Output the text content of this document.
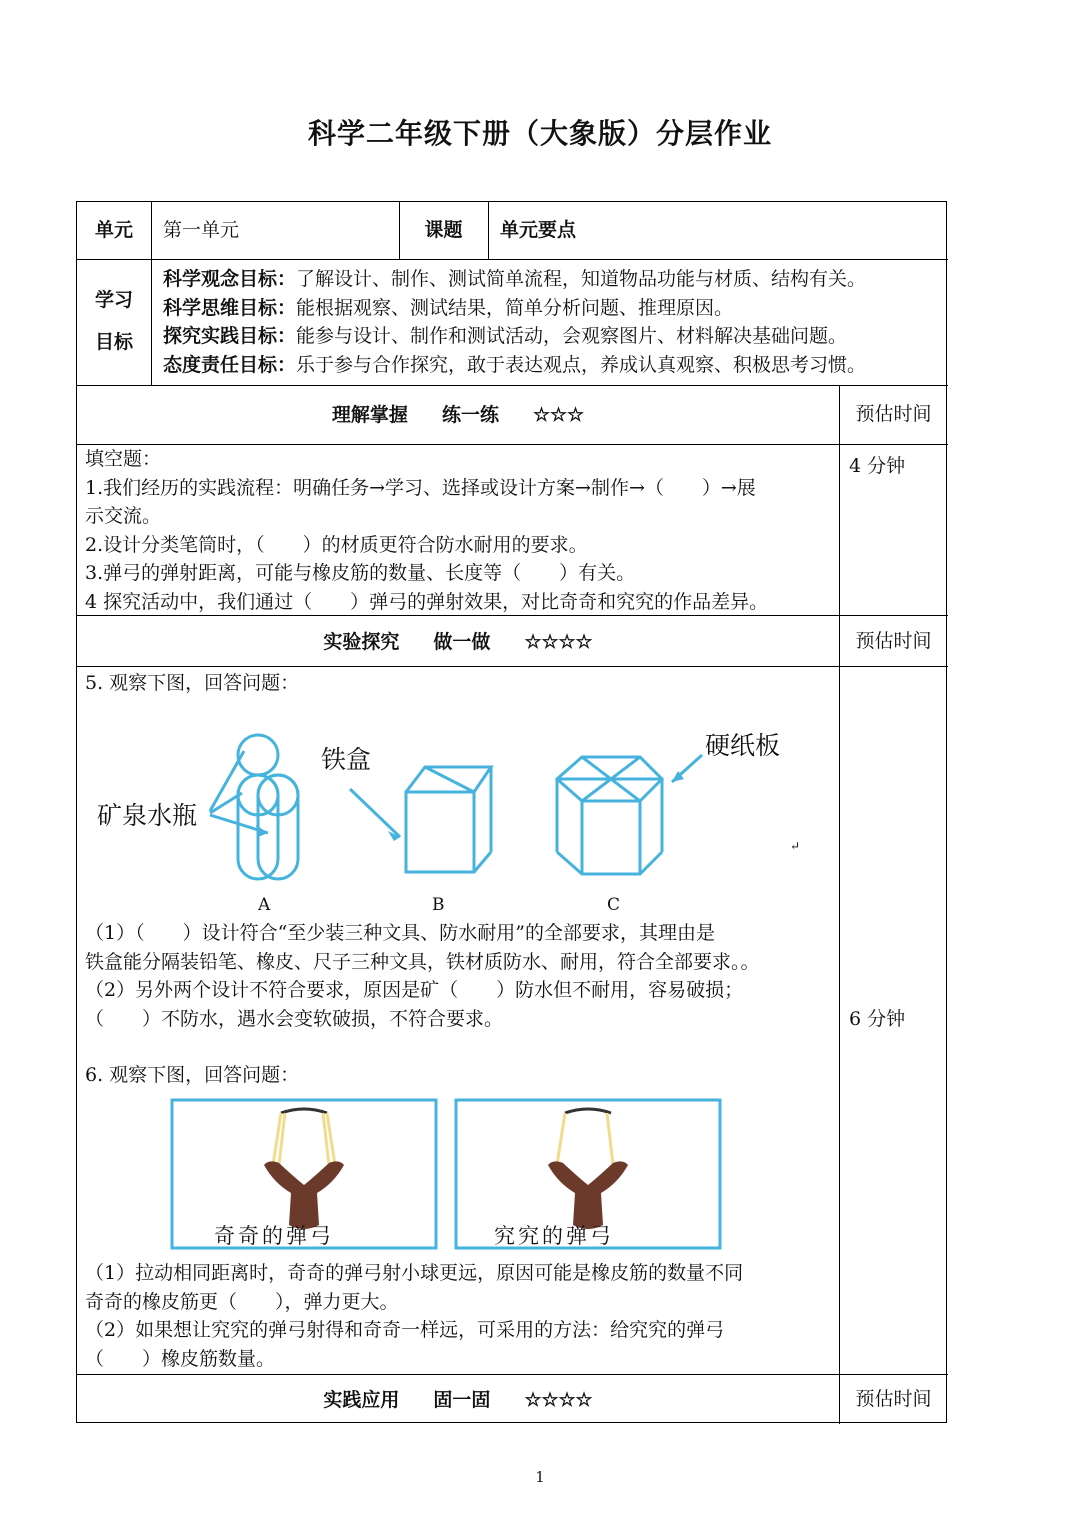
科学二年级下册（大象版）分层作业
单元	第一单元	课题	单元要点
学习
目标
科学观念目标：了解设计、制作、测试简单流程，知道物品功能与材质、结构有关。
科学思维目标：能根据观察、测试结果，简单分析问题、推理原因。
探究实践目标：能参与设计、制作和测试活动，会观察图片、材料解决基础问题。
态度责任目标：乐于参与合作探究，敢于表达观点，养成认真观察、积极思考习惯。
理解掌握 练一练 ☆☆☆	预估时间
填空题：
1.我们经历的实践流程：明确任务→学习、选择或设计方案→制作→（　　）→展
示交流。
2.设计分类笔筒时，（　　）的材质更符合防水耐用的要求。
3.弹弓的弹射距离，可能与橡皮筋的数量、长度等（　　）有关。
4 探究活动中，我们通过（　　）弹弓的弹射效果，对比奇奇和究究的作品差异。
4 分钟
实验探究 做一做 ☆☆☆☆	预估时间
5. 观察下图，回答问题：
矿泉水瓶
铁盒	硬纸板
↵
A	B	C
（1）（　　）设计符合“至少装三种文具、防水耐用”的全部要求，其理由是
铁盒能分隔装铅笔、橡皮、尺子三种文具，铁材质防水、耐用，符合全部要求。。
（2）另外两个设计不符合要求，原因是矿（　　）防水但不耐用，容易破损；
（　　）不防水，遇水会变软破损，不符合要求。	6 分钟
6. 观察下图，回答问题：
奇奇的弹弓	究究的弹弓
（1）拉动相同距离时，奇奇的弹弓射小球更远，原因可能是橡皮筋的数量不同
奇奇的橡皮筋更（　　），弹力更大。
（2）如果想让究究的弹弓射得和奇奇一样远，可采用的方法：给究究的弹弓
（　　）橡皮筋数量。
实践应用 固一固 ☆☆☆☆	预估时间
1
